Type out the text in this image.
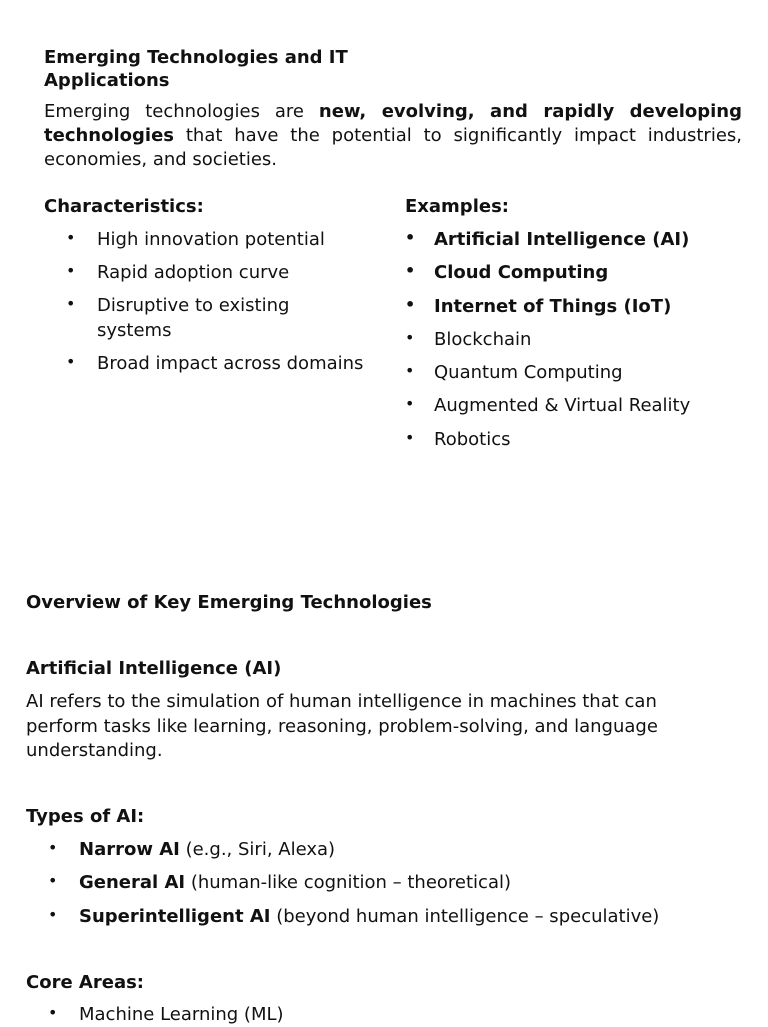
Emerging Technologies and IT Applications
Emerging technologies are new, evolving, and rapidly developing technologies that have the potential to significantly impact industries, economies, and societies.
Characteristics:
• High innovation potential
• Rapid adoption curve
• Disruptive to existing systems
• Broad impact across domains
Examples:
• Artificial Intelligence (AI)
• Cloud Computing
• Internet of Things (IoT)
• Blockchain
• Quantum Computing
• Augmented & Virtual Reality
• Robotics
Overview of Key Emerging Technologies
Artificial Intelligence (AI)
AI refers to the simulation of human intelligence in machines that can perform tasks like learning, reasoning, problem-solving, and language understanding.
Types of AI:
• Narrow AI (e.g., Siri, Alexa)
• General AI (human-like cognition – theoretical)
• Superintelligent AI (beyond human intelligence – speculative)
Core Areas:
• Machine Learning (ML)
